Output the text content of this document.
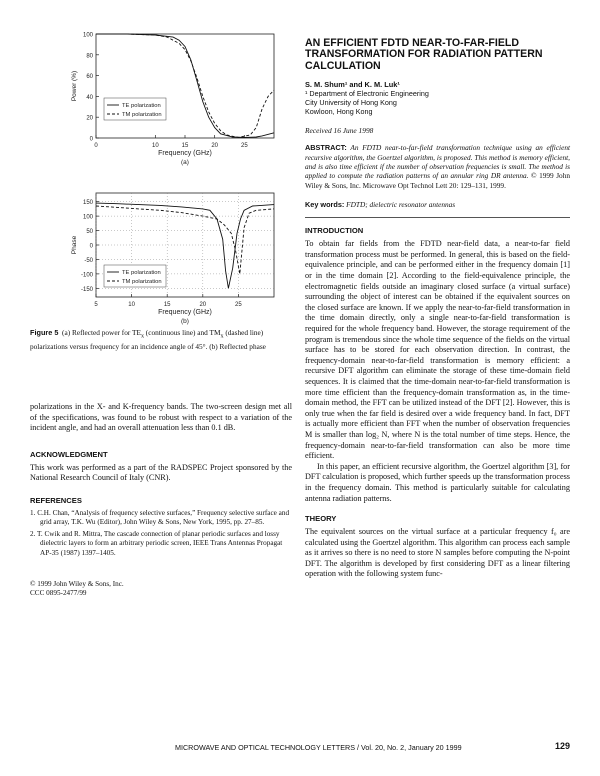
100
80
60
40
20
0
0	10	15	20	25
Frequency (GHz)
Power (%)
(a)
TE polarization
TM polarization

150
100
50
0
-50
-100
-150
5	10	15	20	25
Frequency (GHz)
Phase
(b)
TE polarization
TM polarization
Figure 5 (a) Reflected power for $TE_x$ (continuous line) and $TM_x$ (dashed line) polarizations versus frequency for an incidence angle of 45°. (b) Reflected phase

polarizations in the X- and K-frequency bands. The two-screen design met all of the specifications, was found to be robust with respect to a variation of the incident angle, and had an overall attenuation less than 0.1 dB.

ACKNOWLEDGMENT

This work was performed as a part of the RADSPEC Project sponsored by the National Research Council of Italy (CNR).

REFERENCES
1. C.H. Chan, “Analysis of frequency selective surfaces,” Frequency selective surface and grid array, T.K. Wu (Editor), John Wiley & Sons, New York, 1995, pp. 27–85.
2. T. Cwik and R. Mittra, The cascade connection of planar periodic surfaces and lossy dielectric layers to form an arbitrary periodic screen, IEEE Trans Antennas Propagat AP-35 (1987) 1397–1405.
© 1999 John Wiley & Sons, Inc.
CCC 0895-2477/99
AN EFFICIENT FDTD NEAR-TO-FAR-FIELD TRANSFORMATION FOR RADIATION PATTERN CALCULATION
S. M. Shum¹ and K. M. Luk¹
¹ Department of Electronic Engineering
City University of Hong Kong
Kowloon, Hong Kong
Received 16 June 1998

ABSTRACT: An FDTD near-to-far-field transformation technique using an efficient recursive algorithm, the Goertzel algorithm, is proposed. This method is memory efficient, and is also time efficient if the number of observation frequencies is small. The method is applied to compute the radiation patterns of an annular ring DR antenna. © 1999 John Wiley & Sons, Inc. Microwave Opt Technol Lett 20: 129–131, 1999.

Key words: FDTD; dielectric resonator antennas
INTRODUCTION

To obtain far fields from the FDTD near-field data, a near-to-far field transformation process must be performed. In general, this is based on the field-equivalence principle, and can be performed either in the frequency domain [1] or in the time domain [2]. According to the field-equivalence principle, the electromagnetic fields outside an imaginary closed surface (a virtual surface) surrounding the object of interest can be obtained if the equivalent sources on the closed surface are known. If we apply the near-to-far-field transformation in the time domain directly, only a single near-to-far-field transformation is required for the whole frequency band. However, the storage requirement of the program is tremendous since the whole time sequence of the fields on the virtual surface has to be stored for each observation direction. In contrast, the frequency-domain near-to-far-field transformation is memory efficient: a recursive DFT algorithm can eliminate the storage of these time-domain field sequences. It is claimed that the time-domain near-to-far-field transformation is more time efficient than the frequency-domain transformation as, in the time-domain method, the FFT can be utilized instead of the DFT [2]. However, this is only true when the far field is desired over a wide frequency band. In fact, DFT is actually more efficient than FFT when the number of observation frequencies M is smaller than log₂ N, where N is the total number of time steps. Hence, the frequency-domain near-to-far-field transformation can also be more time efficient.

In this paper, an efficient recursive algorithm, the Goertzel algorithm [3], for DFT calculation is proposed, which further speeds up the transformation process in the frequency domain. This method is particularly suitable for calculating antenna radiation patterns.

THEORY

The equivalent sources on the virtual surface at a particular frequency f₀ are calculated using the Goertzel algorithm. This algorithm can process each sample as it arrives so there is no need to store N samples before computing the N-point DFT. The algorithm is developed by first considering DFT as a linear filtering operation with the following system func-

MICROWAVE AND OPTICAL TECHNOLOGY LETTERS / Vol. 20, No. 2, January 20 1999	129
